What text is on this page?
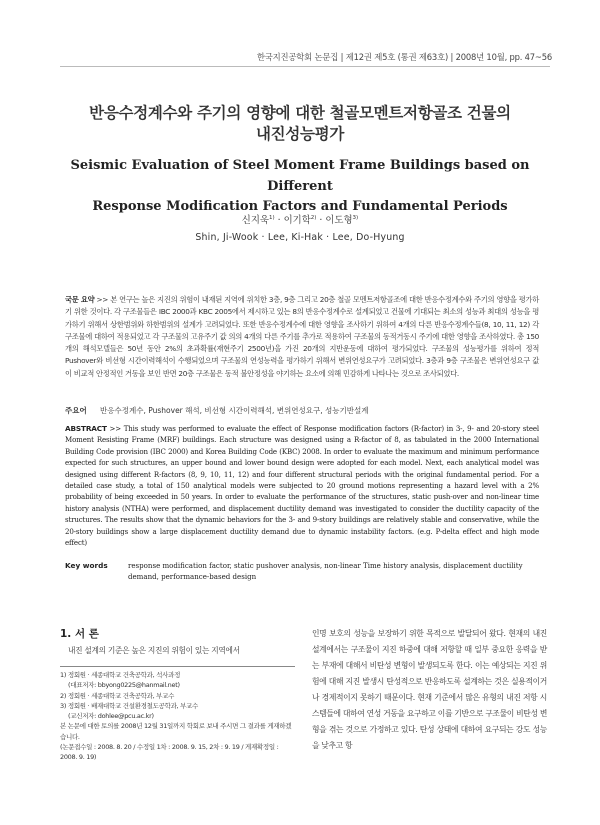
한국지진공학회 논문집 | 제12권 제5호 (통권 제63호) | 2008년 10월, pp. 47~56
반응수정계수와 주기의 영향에 대한 철골모멘트저항골조 건물의
내진성능평가
Seismic Evaluation of Steel Moment Frame Buildings based on Different
Response Modification Factors and Fundamental Periods
신지욱$^{1)}$ · 이기학$^{2)}$ · 이도형$^{3)}$
Shin, Ji-Wook · Lee, Ki-Hak · Lee, Do-Hyung
국문 요약 >> 본 연구는 높은 지진의 위험이 내재된 지역에 위치한 3층, 9층 그리고 20층 철골 모멘트저항골조에 대한 반응수정계수와 주기의 영향을 평가하기 위한 것이다. 각 구조물들은 IBC 2000과 KBC 2005에서 제시하고 있는 8의 반응수정계수로 설계되었고 건물에 기대되는 최소의 성능과 최대의 성능을 평가하기 위해서 상한범위와 하한범위의 설계가 고려되었다. 또한 반응수정계수에 대한 영향을 조사하기 위하여 4개의 다른 반응수정계수들(8, 10, 11, 12) 각 구조물에 대하여 적용되었고 각 구조물의 고유주기 값 의의 4개의 다른 주기를 추가로 적용하여 구조물의 동적거동시 주기에 대한 영향을 조사하였다. 총 150개의 해석모델들은 50년 동안 2%의 초과확률(재현주기 2500년)을 가진 20개의 지반운동에 대하여 평가되었다. 구조물의 성능평가를 위하여 정적 Pushover와 비선형 시간이력해석이 수행되었으며 구조물의 연성능력을 평가하기 위해서 변위연성요구가 고려되었다. 3층과 9층 구조물은 변위연성요구 값이 비교적 안정적인 거동을 보인 반면 20층 구조물은 동적 불안정성을 야기하는 요소에 의해 민감하게 나타나는 것으로 조사되었다.
주요어 반응수정계수, Pushover 해석, 비선형 시간이력해석, 변위연성요구, 성능기반설계
ABSTRACT >> This study was performed to evaluate the effect of Response modification factors (R-factor) in 3-, 9- and 20-story steel Moment Resisting Frame (MRF) buildings. Each structure was designed using a R-factor of 8, as tabulated in the 2000 International Building Code provision (IBC 2000) and Korea Building Code (KBC) 2008. In order to evaluate the maximum and minimum performance expected for such structures, an upper bound and lower bound design were adopted for each model. Next, each analytical model was designed using different R-factors (8, 9, 10, 11, 12) and four different structural periods with the original fundamental period. For a detailed case study, a total of 150 analytical models were subjected to 20 ground motions representing a hazard level with a 2% probability of being exceeded in 50 years. In order to evaluate the performance of the structures, static push-over and non-linear time history analysis (NTHA) were performed, and displacement ductility demand was investigated to consider the ductility capacity of the structures. The results show that the dynamic behaviors for the 3- and 9-story buildings are relatively stable and conservative, while the 20-story buildings show a large displacement ductility demand due to dynamic instability factors. (e.g. P-delta effect and high mode effect)
Key words	response modification factor, static pushover analysis, non-linear Time history analysis, displacement ductility demand, performance-based design
1. 서 론
내진 설계의 기준은 높은 지진의 위험이 있는 지역에서
1) 정회원 · 세종대학교 건축공학과, 석사과정
(대표저자: bbyong0225@hanmail.net)
2) 정회원 · 세종대학교 건축공학과, 부교수
3) 정회원 · 배재대학교 건설환경철도공학과, 부교수
(교신저자: dohlee@pcu.ac.kr)
본 논문에 대한 토의를 2008년 12월 31일까지 학회로 보내 주시면 그 결과를 게재하겠습니다.
(논문접수일 : 2008. 8. 20 / 수정일 1차 : 2008. 9. 15, 2차 : 9. 19 / 게재확정일 : 2008. 9. 19)
인명 보호의 성능을 보장하기 위한 목적으로 발달되어 왔다. 현재의 내진 설계에서는 구조물이 지진 하중에 대해 저항할 때 일부 중요한 응력을 받는 부재에 대해서 비탄성 변형이 발생되도록 한다. 이는 예상되는 지진 위험에 대해 지진 발생시 탄성적으로 반응하도록 설계하는 것은 실용적이거나 경제적이지 못하기 때문이다. 현재 기준에서 많은 유형의 내진 저항 시스템들에 대하여 연성 거동을 요구하고 이를 기반으로 구조물이 비탄성 변형을 겪는 것으로 가정하고 있다. 탄성 상태에 대하여 요구되는 강도 성능을 낮추고 항
